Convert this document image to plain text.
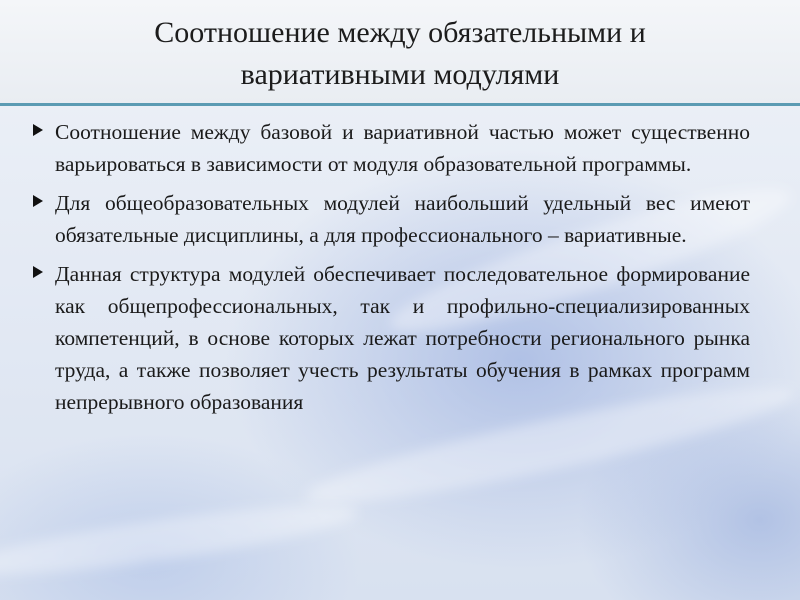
Соотношение между обязательными и
вариативными модулями
Соотношение между базовой и вариативной частью может существенно варьироваться в зависимости от модуля образовательной программы.
Для общеобразовательных модулей наибольший удельный вес имеют обязательные дисциплины, а для профессионального – вариативные.
Данная структура модулей обеспечивает последовательное формирование как общепрофессиональных, так и профильно-специализированных компетенций, в основе которых лежат потребности регионального рынка труда, а также позволяет учесть результаты обучения в рамках программ непрерывного образования
